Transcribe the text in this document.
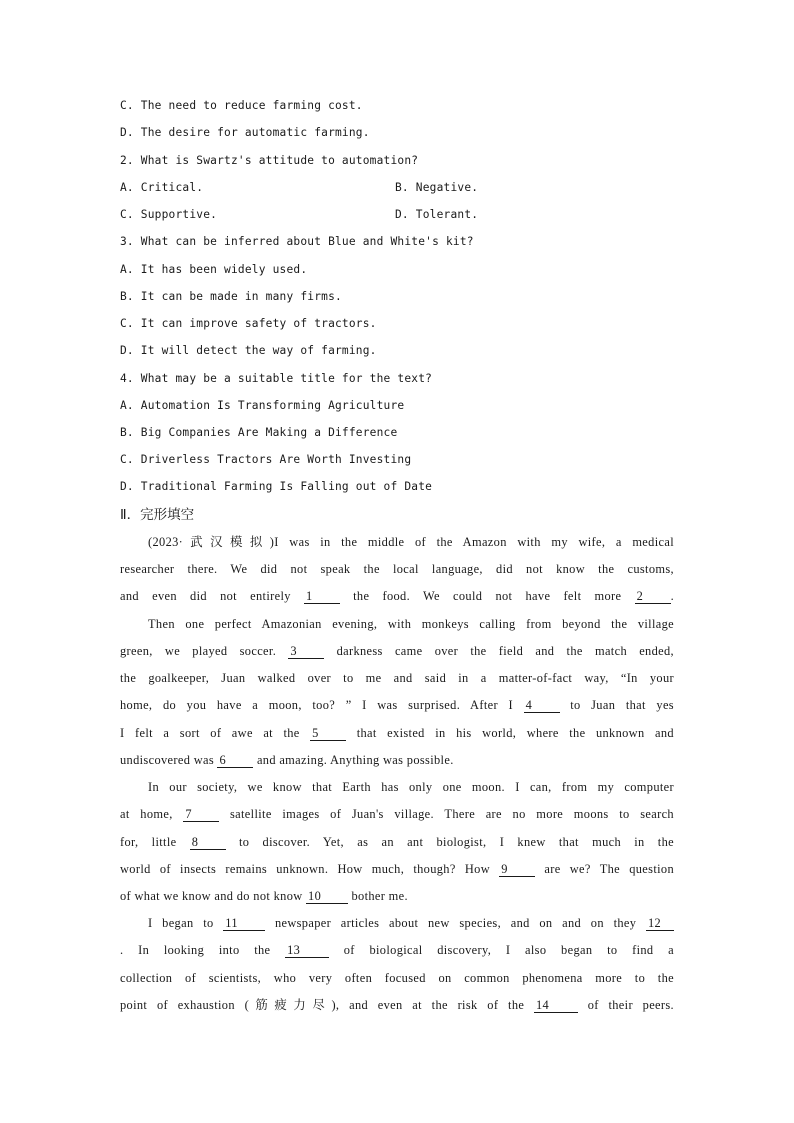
C. The need to reduce farming cost.
D. The desire for automatic farming.
2. What is Swartz's attitude to automation?
A. Critical.	B. Negative.
C. Supportive.	D. Tolerant.
3. What can be inferred about Blue and White's kit?
A. It has been widely used.
B. It can be made in many firms.
C. It can improve safety of tractors.
D. It will detect the way of farming.
4. What may be a suitable title for the text?
A. Automation Is Transforming Agriculture
B. Big Companies Are Making a Difference
C. Driverless Tractors Are Worth Investing
D. Traditional Farming Is Falling out of Date
Ⅱ．完形填空
(2023·武汉模拟)I was in the middle of the Amazon with my wife, a medical
researcher there. We did not speak the local language, did not know the customs,
and even did not entirely 1	the food. We could not have felt more 2 .
Then one perfect Amazonian evening, with monkeys calling from beyond the village
green, we played soccer. 3	darkness came over the field and the match ended,
the goalkeeper, Juan walked over to me and said in a matter-of-fact way, “In your
home, do you have a moon, too? ” I was surprised. After I 4	to Juan that yes
I felt a sort of awe at the 5	that existed in his world, where the unknown and
undiscovered was 6 and amazing. Anything was possible.
In our society, we know that Earth has only one moon. I can, from my computer
at home, 7	satellite images of Juan's village. There are no more moons to search
for, little 8	to discover. Yet, as an ant biologist, I knew that much in the
world of insects remains unknown. How much, though? How 9	are we? The question
of what we know and do not know 10 bother me.
I began to 11	newspaper articles about new species, and on and on they 12
. In looking into the 13	of biological discovery, I also began to find a
collection of scientists, who very often focused on common phenomena more to the
point of exhaustion (筋疲力尽), and even at the risk of the 14	of their peers.
